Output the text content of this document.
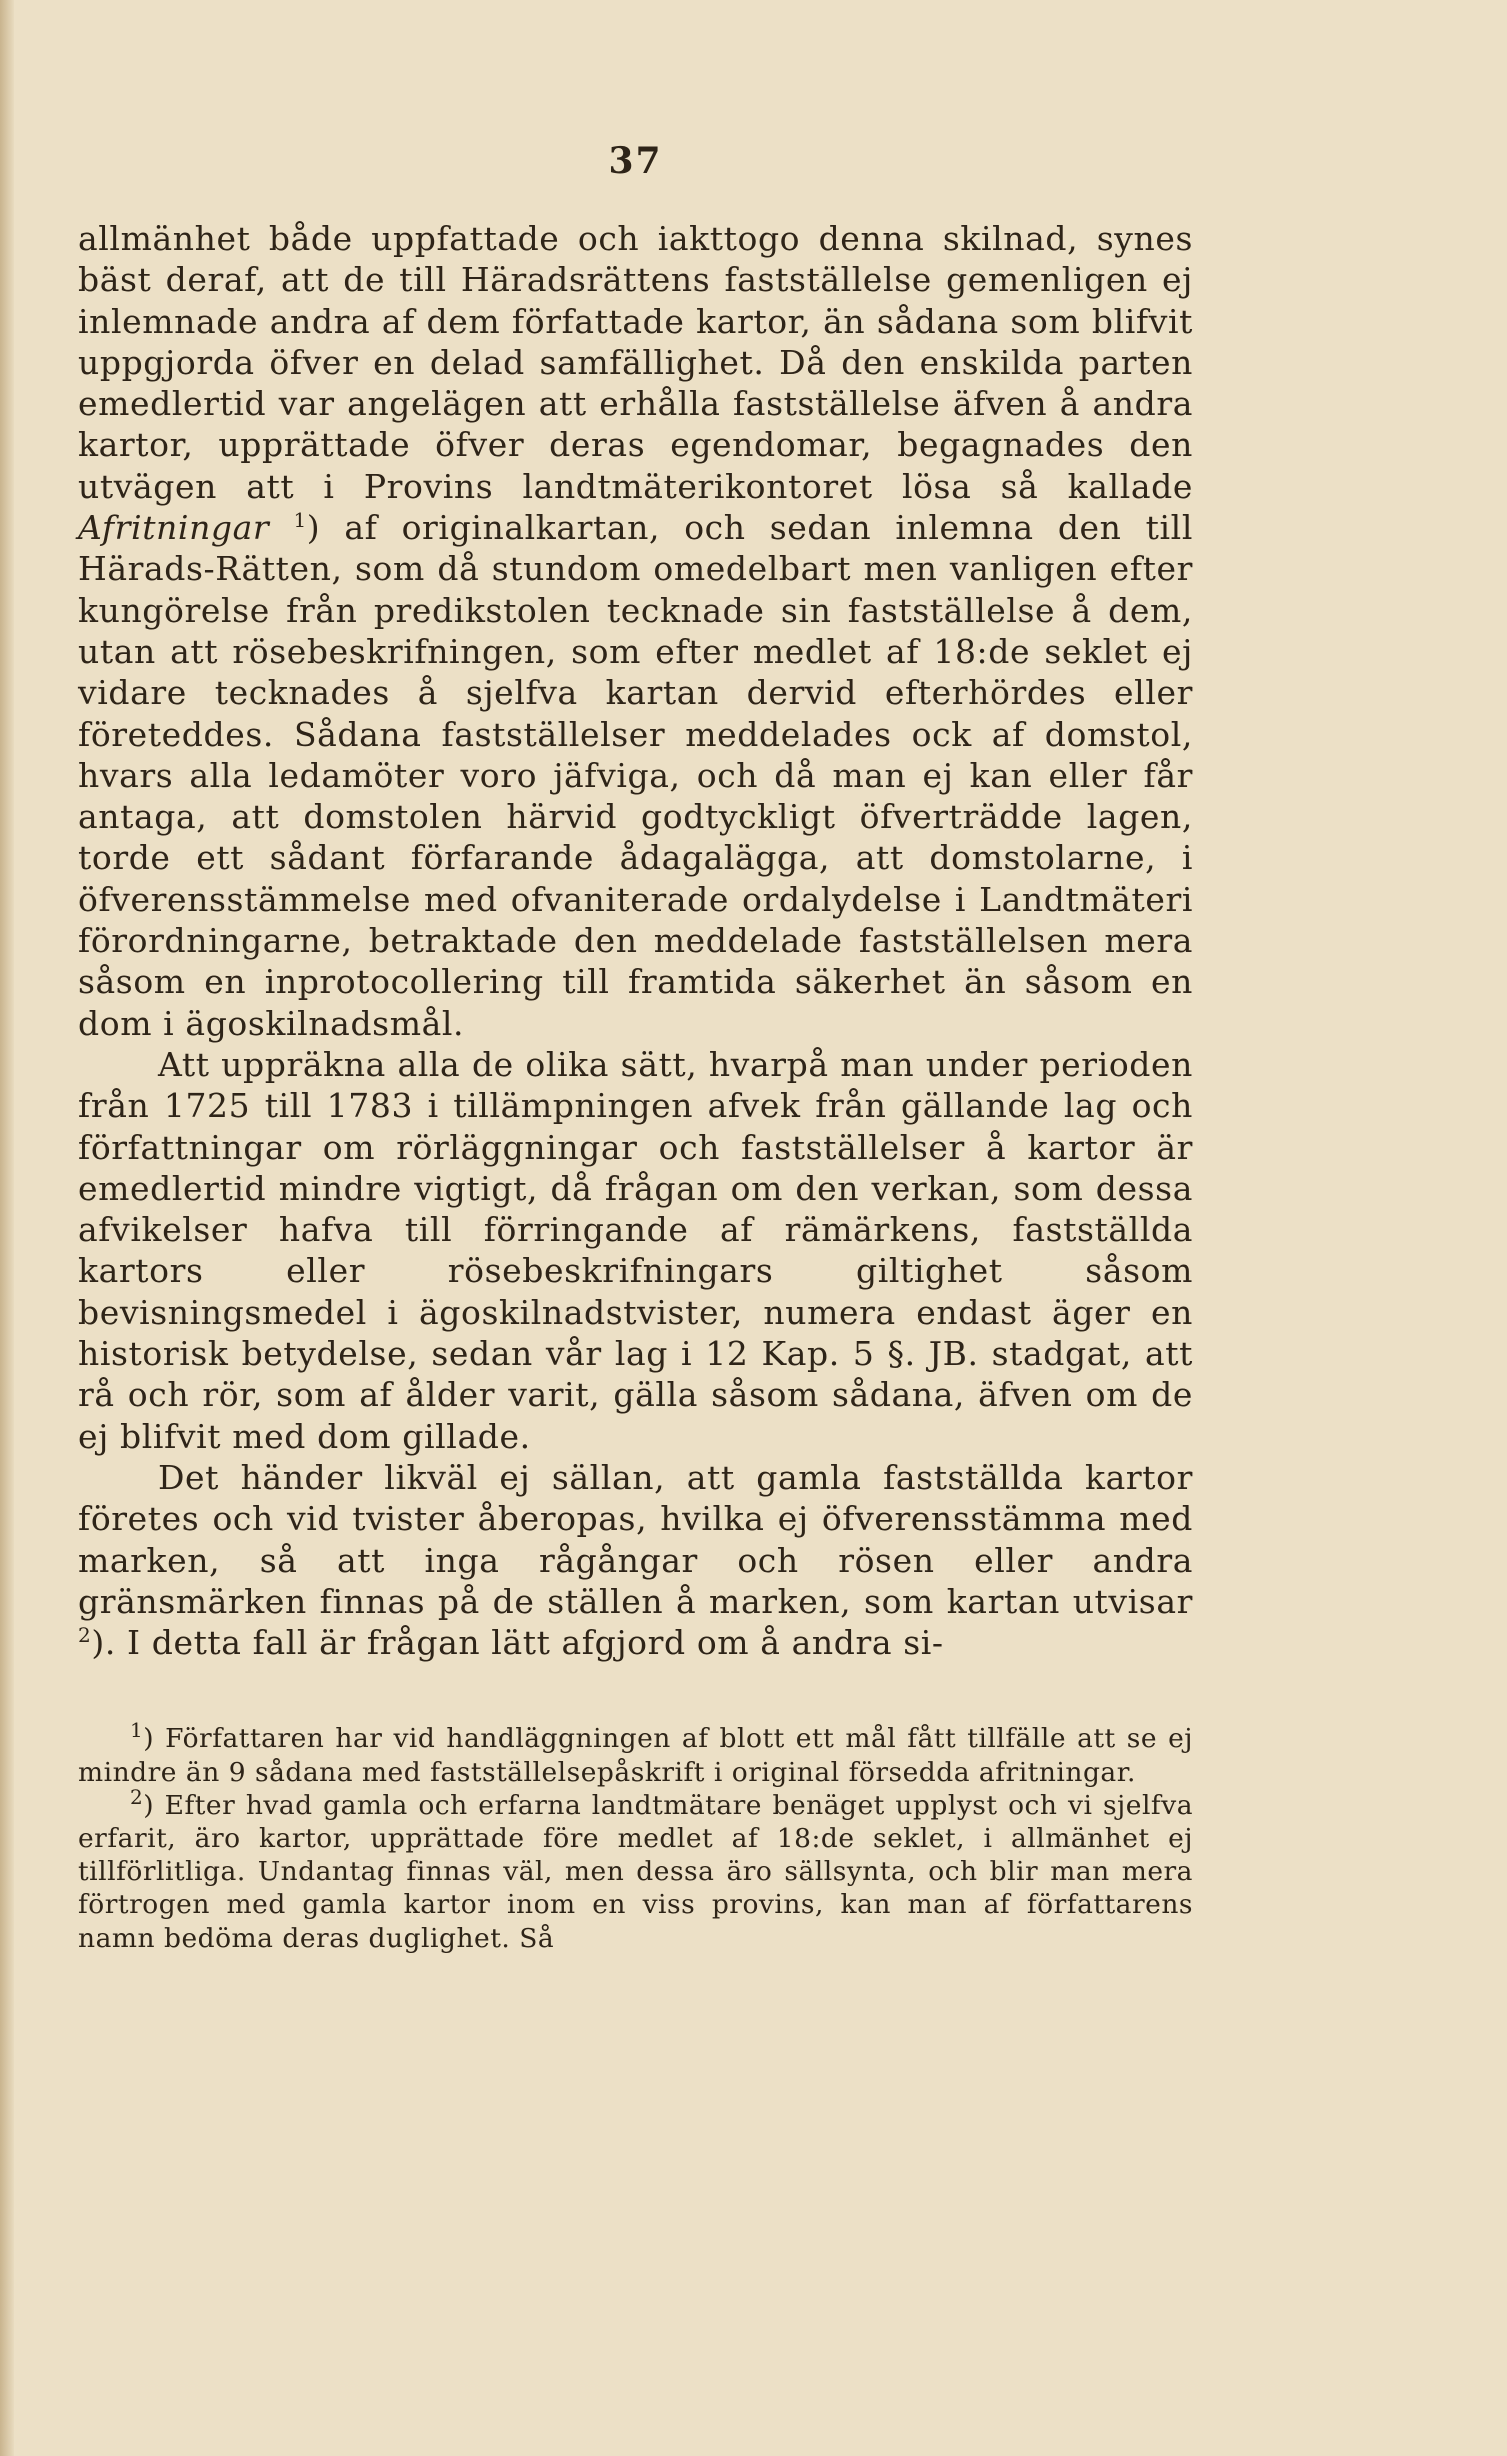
37

allmänhet både uppfattade och iakttogo denna skilnad, synes bäst deraf, att de till Häradsrättens fastställelse gemenligen ej inlemnade andra af dem författade kartor, än sådana som blifvit uppgjorda öfver en delad samfällighet. Då den enskilda parten emedlertid var angelägen att erhålla fastställelse äfven å andra kartor, upprättade öfver deras egendomar, begagnades den utvägen att i Provins landtmäterikontoret lösa så kallade Afritningar $^1$) af originalkartan, och sedan inlemna den till Härads-Rätten, som då stundom omedelbart men vanligen efter kungörelse från predikstolen tecknade sin fastställelse å dem, utan att rösebeskrifningen, som efter medlet af 18:de seklet ej vidare tecknades å sjelfva kartan dervid efterhördes eller företeddes. Sådana fastställelser meddelades ock af domstol, hvars alla ledamöter voro jäfviga, och då man ej kan eller får antaga, att domstolen härvid godtyckligt öfverträdde lagen, torde ett sådant förfarande ådagalägga, att domstolarne, i öfverensstämmelse med ofvaniterade ordalydelse i Landtmäteri förordningarne, betraktade den meddelade fastställelsen mera såsom en inprotocollering till framtida säkerhet än såsom en dom i ägoskilnadsmål.

Att uppräkna alla de olika sätt, hvarpå man under perioden från 1725 till 1783 i tillämpningen afvek från gällande lag och författningar om rörläggningar och fastställelser å kartor är emedlertid mindre vigtigt, då frågan om den verkan, som dessa afvikelser hafva till förringande af rämärkens, fastställda kartors eller rösebeskrifningars giltighet såsom bevisningsmedel i ägoskilnadstvister, numera endast äger en historisk betydelse, sedan vår lag i 12 Kap. 5 §. JB. stadgat, att rå och rör, som af ålder varit, gälla såsom sådana, äfven om de ej blifvit med dom gillade.

Det händer likväl ej sällan, att gamla fastställda kartor företes och vid tvister åberopas, hvilka ej öfverensstämma med marken, så att inga rågångar och rösen eller andra gränsmärken finnas på de ställen å marken, som kartan utvisar $^2$). I detta fall är frågan lätt afgjord om å andra si-

$^1$) Författaren har vid handläggningen af blott ett mål fått tillfälle att se ej mindre än 9 sådana med fastställelsepåskrift i original försedda afritningar.

$^2$) Efter hvad gamla och erfarna landtmätare benäget upplyst och vi sjelfva erfarit, äro kartor, upprättade före medlet af 18:de seklet, i allmänhet ej tillförlitliga. Undantag finnas väl, men dessa äro sällsynta, och blir man mera förtrogen med gamla kartor inom en viss provins, kan man af författarens namn bedöma deras duglighet. Så
